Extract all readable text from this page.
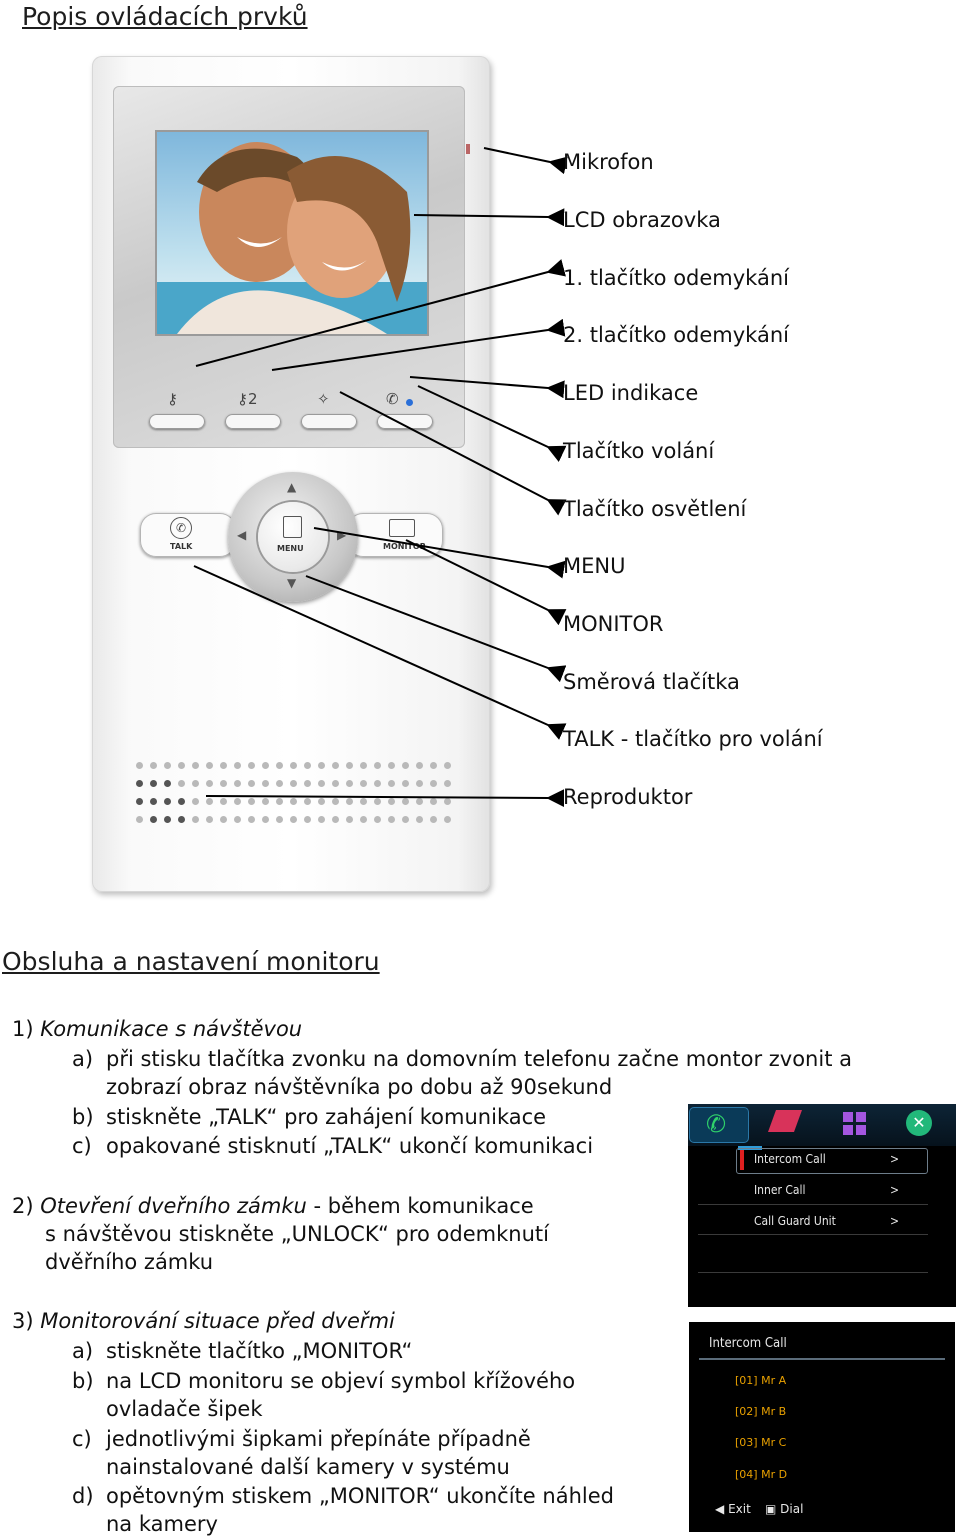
Popis ovládacích prvků
⚷	⚷2	✧	✆
✆
TALK	MONITOR
▲
▼
◀	▶
MENU
Mikrofon
LCD obrazovka
1. tlačítko odemykání
2. tlačítko odemykání
LED indikace
Tlačítko volání
Tlačítko osvětlení
MENU
MONITOR
Směrová tlačítka
TALK - tlačítko pro volání
Reproduktor
Obsluha a nastavení monitoru
1) Komunikace s návštěvou
a) při stisku tlačítka zvonku na domovním telefonu začne montor zvonit a
zobrazí obraz návštěvníka po dobu až 90sekund
b) stiskněte „TALK“ pro zahájení komunikace
c) opakované stisknutí „TALK“ ukončí komunikaci
2) Otevření dveřního zámku - během komunikace
s návštěvou stiskněte „UNLOCK“ pro odemknutí
dvěřního zámku
3) Monitorování situace před dveřmi
a) stiskněte tlačítko „MONITOR“
b) na LCD monitoru se objeví symbol křížového
ovladače šipek
c) jednotlivými šipkami přepínáte případně
nainstalované další kamery v systému
d) opětovným stiskem „MONITOR“ ukončíte náhled
na kamery
✆	✕
Intercom Call	>
Inner Call	>
Call Guard Unit	>
Intercom Call
[01] Mr A
[02] Mr B
[03] Mr C
[04] Mr D
◀ Exit ▣ Dial
